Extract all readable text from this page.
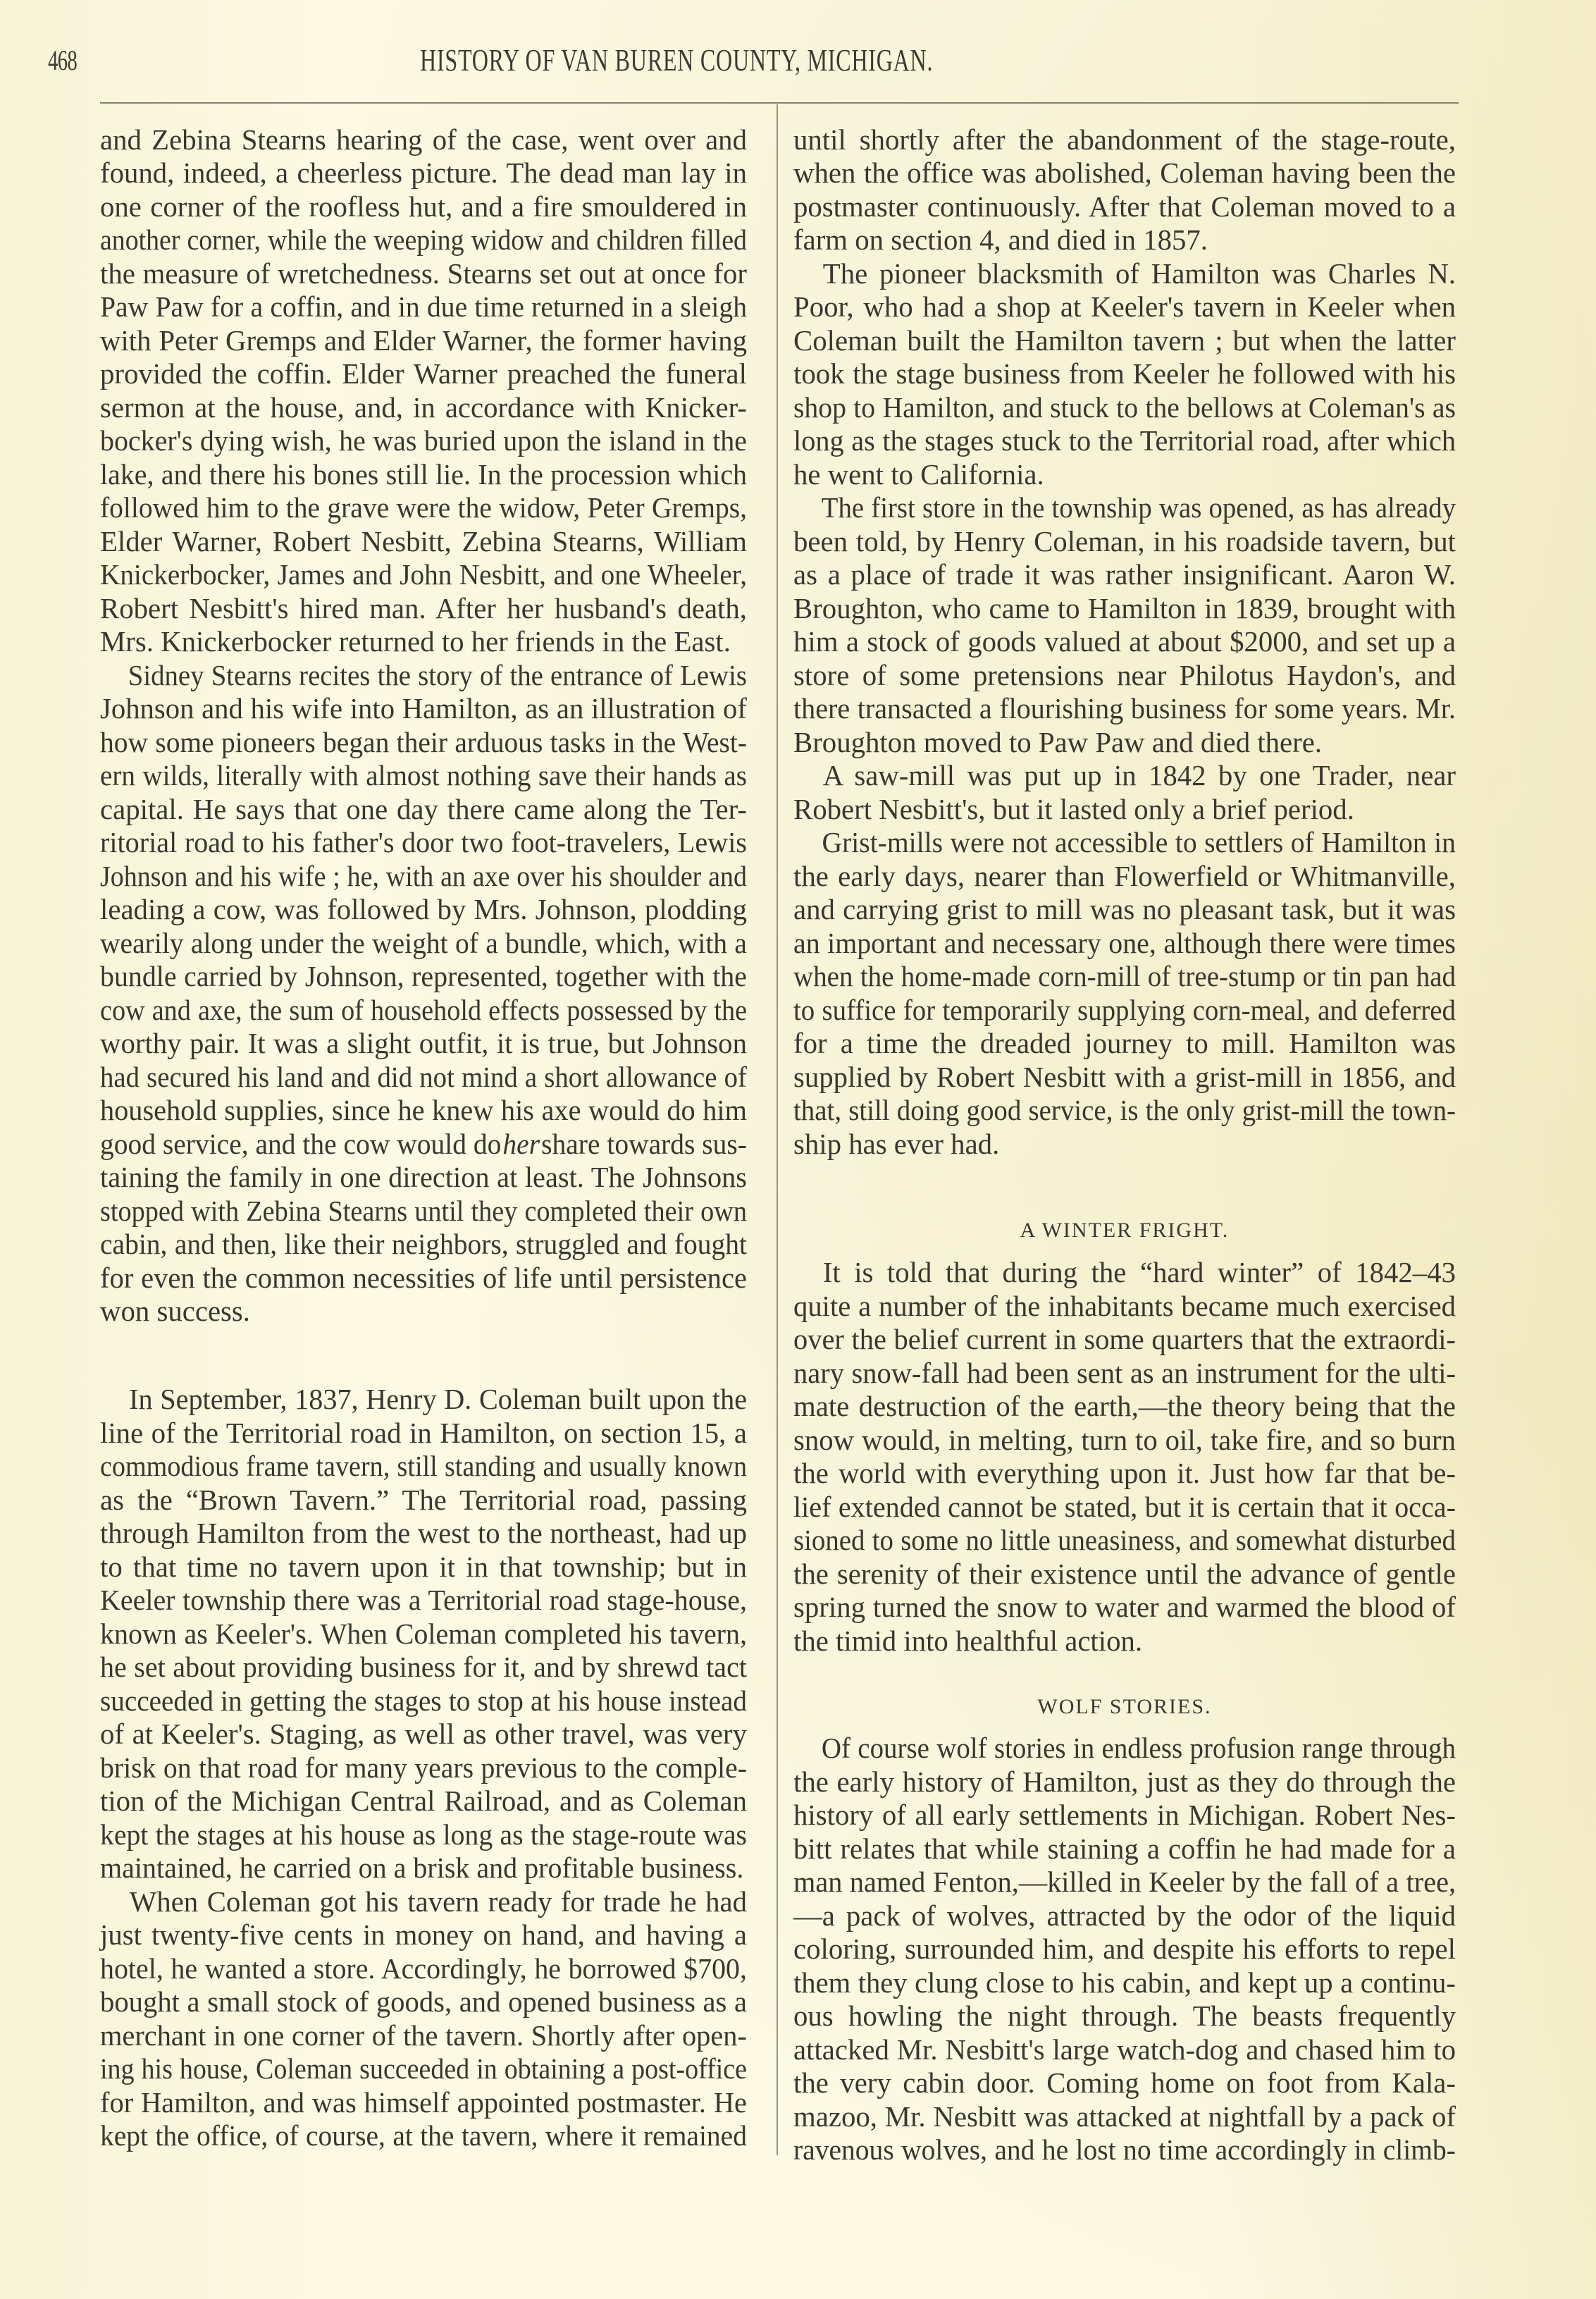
468	HISTORY OF VAN BUREN COUNTY, MICHIGAN.
and Zebina Stearns hearing of the case, went over and
found, indeed, a cheerless picture. The dead man lay in
one corner of the roofless hut, and a fire smouldered in
another corner, while the weeping widow and children filled
the measure of wretchedness. Stearns set out at once for
Paw Paw for a coffin, and in due time returned in a sleigh
with Peter Gremps and Elder Warner, the former having
provided the coffin. Elder Warner preached the funeral
sermon at the house, and, in accordance with Knicker-
bocker's dying wish, he was buried upon the island in the
lake, and there his bones still lie. In the procession which
followed him to the grave were the widow, Peter Gremps,
Elder Warner, Robert Nesbitt, Zebina Stearns, William
Knickerbocker, James and John Nesbitt, and one Wheeler,
Robert Nesbitt's hired man. After her husband's death,
Mrs. Knickerbocker returned to her friends in the East.
Sidney Stearns recites the story of the entrance of Lewis
Johnson and his wife into Hamilton, as an illustration of
how some pioneers began their arduous tasks in the West-
ern wilds, literally with almost nothing save their hands as
capital. He says that one day there came along the Ter-
ritorial road to his father's door two foot-travelers, Lewis
Johnson and his wife ; he, with an axe over his shoulder and
leading a cow, was followed by Mrs. Johnson, plodding
wearily along under the weight of a bundle, which, with a
bundle carried by Johnson, represented, together with the
cow and axe, the sum of household effects possessed by the
worthy pair. It was a slight outfit, it is true, but Johnson
had secured his land and did not mind a short allowance of
household supplies, since he knew his axe would do him
good service, and the cow would do her share towards sus-
taining the family in one direction at least. The Johnsons
stopped with Zebina Stearns until they completed their own
cabin, and then, like their neighbors, struggled and fought
for even the common necessities of life until persistence
won success.
In September, 1837, Henry D. Coleman built upon the
line of the Territorial road in Hamilton, on section 15, a
commodious frame tavern, still standing and usually known
as the “Brown Tavern.” The Territorial road, passing
through Hamilton from the west to the northeast, had up
to that time no tavern upon it in that township; but in
Keeler township there was a Territorial road stage-house,
known as Keeler's. When Coleman completed his tavern,
he set about providing business for it, and by shrewd tact
succeeded in getting the stages to stop at his house instead
of at Keeler's. Staging, as well as other travel, was very
brisk on that road for many years previous to the comple-
tion of the Michigan Central Railroad, and as Coleman
kept the stages at his house as long as the stage-route was
maintained, he carried on a brisk and profitable business.
When Coleman got his tavern ready for trade he had
just twenty-five cents in money on hand, and having a
hotel, he wanted a store. Accordingly, he borrowed $700,
bought a small stock of goods, and opened business as a
merchant in one corner of the tavern. Shortly after open-
ing his house, Coleman succeeded in obtaining a post-office
for Hamilton, and was himself appointed postmaster. He
kept the office, of course, at the tavern, where it remained
until shortly after the abandonment of the stage-route,
when the office was abolished, Coleman having been the
postmaster continuously. After that Coleman moved to a
farm on section 4, and died in 1857.
The pioneer blacksmith of Hamilton was Charles N.
Poor, who had a shop at Keeler's tavern in Keeler when
Coleman built the Hamilton tavern ; but when the latter
took the stage business from Keeler he followed with his
shop to Hamilton, and stuck to the bellows at Coleman's as
long as the stages stuck to the Territorial road, after which
he went to California.
The first store in the township was opened, as has already
been told, by Henry Coleman, in his roadside tavern, but
as a place of trade it was rather insignificant. Aaron W.
Broughton, who came to Hamilton in 1839, brought with
him a stock of goods valued at about $2000, and set up a
store of some pretensions near Philotus Haydon's, and
there transacted a flourishing business for some years. Mr.
Broughton moved to Paw Paw and died there.
A saw-mill was put up in 1842 by one Trader, near
Robert Nesbitt's, but it lasted only a brief period.
Grist-mills were not accessible to settlers of Hamilton in
the early days, nearer than Flowerfield or Whitmanville,
and carrying grist to mill was no pleasant task, but it was
an important and necessary one, although there were times
when the home-made corn-mill of tree-stump or tin pan had
to suffice for temporarily supplying corn-meal, and deferred
for a time the dreaded journey to mill. Hamilton was
supplied by Robert Nesbitt with a grist-mill in 1856, and
that, still doing good service, is the only grist-mill the town-
ship has ever had.
A WINTER FRIGHT.
It is told that during the “hard winter” of 1842–43
quite a number of the inhabitants became much exercised
over the belief current in some quarters that the extraordi-
nary snow-fall had been sent as an instrument for the ulti-
mate destruction of the earth,—the theory being that the
snow would, in melting, turn to oil, take fire, and so burn
the world with everything upon it. Just how far that be-
lief extended cannot be stated, but it is certain that it occa-
sioned to some no little uneasiness, and somewhat disturbed
the serenity of their existence until the advance of gentle
spring turned the snow to water and warmed the blood of
the timid into healthful action.
WOLF STORIES.
Of course wolf stories in endless profusion range through
the early history of Hamilton, just as they do through the
history of all early settlements in Michigan. Robert Nes-
bitt relates that while staining a coffin he had made for a
man named Fenton,—killed in Keeler by the fall of a tree,
—a pack of wolves, attracted by the odor of the liquid
coloring, surrounded him, and despite his efforts to repel
them they clung close to his cabin, and kept up a continu-
ous howling the night through. The beasts frequently
attacked Mr. Nesbitt's large watch-dog and chased him to
the very cabin door. Coming home on foot from Kala-
mazoo, Mr. Nesbitt was attacked at nightfall by a pack of
ravenous wolves, and he lost no time accordingly in climb-
